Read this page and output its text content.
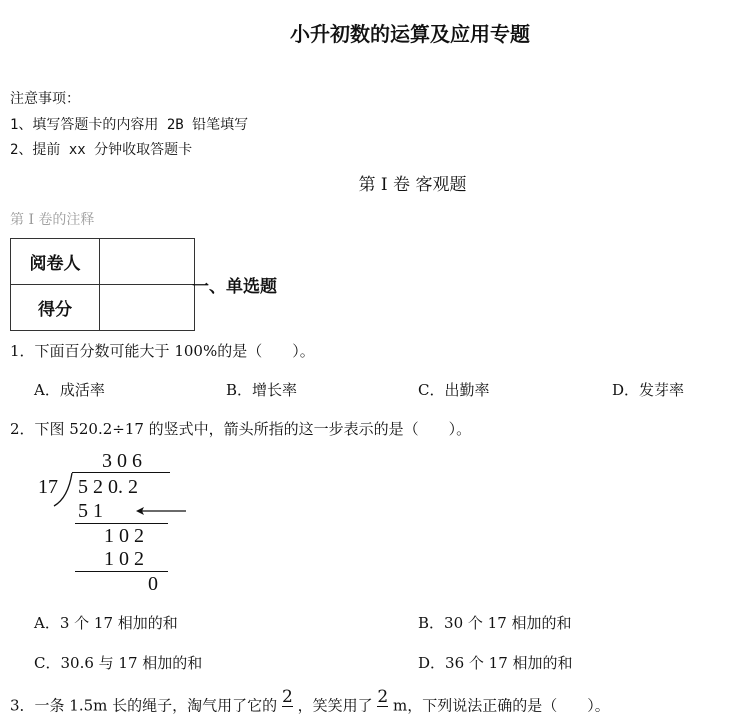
小升初数的运算及应用专题
注意事项：
1、填写答题卡的内容用 2B 铅笔填写
2、提前 xx 分钟收取答题卡
第 I 卷 客观题
第 I 卷的注释
阅卷人	
得分	
一、单选题
1．下面百分数可能大于 100%的是（　　）。
A．成活率	B．增长率	C．出勤率	D．发芽率
2．下图 520.2÷17 的竖式中，箭头所指的这一步表示的是（　　）。
3 0 6
17 5 2 0. 2
5 1
1 0 2
1 0 2
0
A．3 个 17 相加的和	B．30 个 17 相加的和
C．30.6 与 17 相加的和	D．36 个 17 相加的和
3．一条 1.5m 长的绳子，淘气用了它的 2 ，笑笑用了 2 m，下列说法正确的是（　　）。
